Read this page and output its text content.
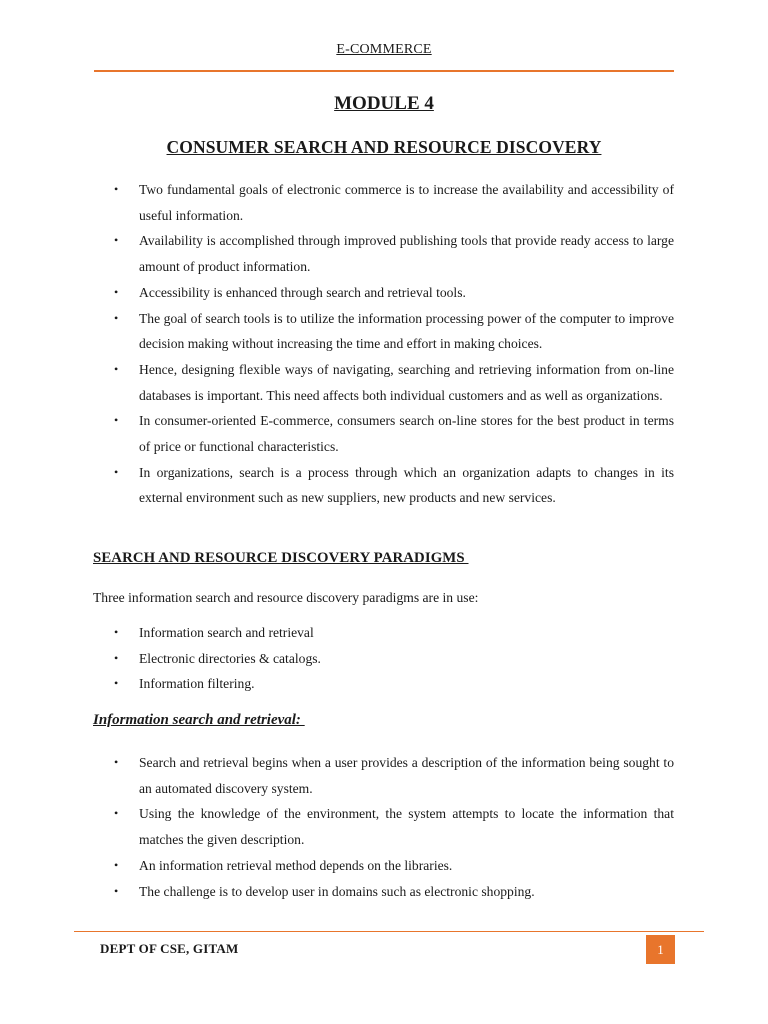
E-COMMERCE
MODULE 4
CONSUMER SEARCH AND RESOURCE DISCOVERY
• Two fundamental goals of electronic commerce is to increase the availability and accessibility of useful information.
• Availability is accomplished through improved publishing tools that provide ready access to large amount of product information.
• Accessibility is enhanced through search and retrieval tools.
• The goal of search tools is to utilize the information processing power of the computer to improve decision making without increasing the time and effort in making choices.
• Hence, designing flexible ways of navigating, searching and retrieving information from on-line databases is important. This need affects both individual customers and as well as organizations.
• In consumer-oriented E-commerce, consumers search on-line stores for the best product in terms of price or functional characteristics.
• In organizations, search is a process through which an organization adapts to changes in its external environment such as new suppliers, new products and new services.
SEARCH AND RESOURCE DISCOVERY PARADIGMS
Three information search and resource discovery paradigms are in use:
• Information search and retrieval
• Electronic directories & catalogs.
• Information filtering.
Information search and retrieval:
• Search and retrieval begins when a user provides a description of the information being sought to an automated discovery system.
• Using the knowledge of the environment, the system attempts to locate the information that matches the given description.
• An information retrieval method depends on the libraries.
• The challenge is to develop user in domains such as electronic shopping.
DEPT OF CSE, GITAM	1
